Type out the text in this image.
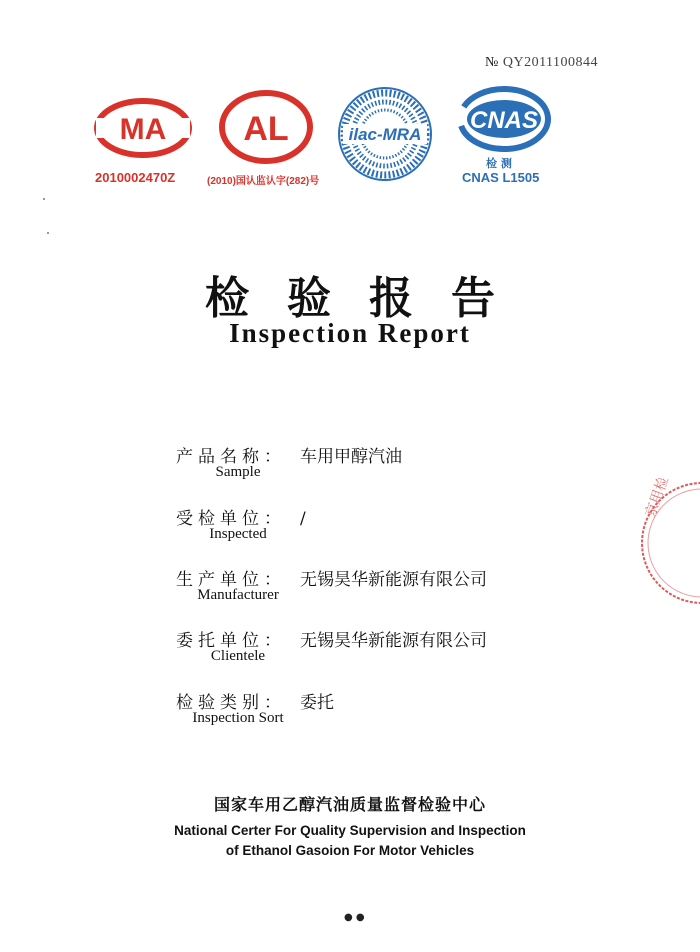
№ QY2011100844
MA
2010002470Z
AL
(2010)国认监认字(282)号
ilac-MRA
CNAS
检 测
CNAS L1505
检验报告
Inspection Report
产品名称： 车用甲醇汽油
Sample
受检单位： /
Inspected
生产单位： 无锡昊华新能源有限公司
Manufacturer
委托单位： 无锡昊华新能源有限公司
Clientele
检验类别： 委托
Inspection Sort
国家车用乙醇汽油质量监督检验中心
National Certer For Quality Supervision and Inspection
of Ethanol Gasoion For Motor Vehicles
京用检验
● ●
